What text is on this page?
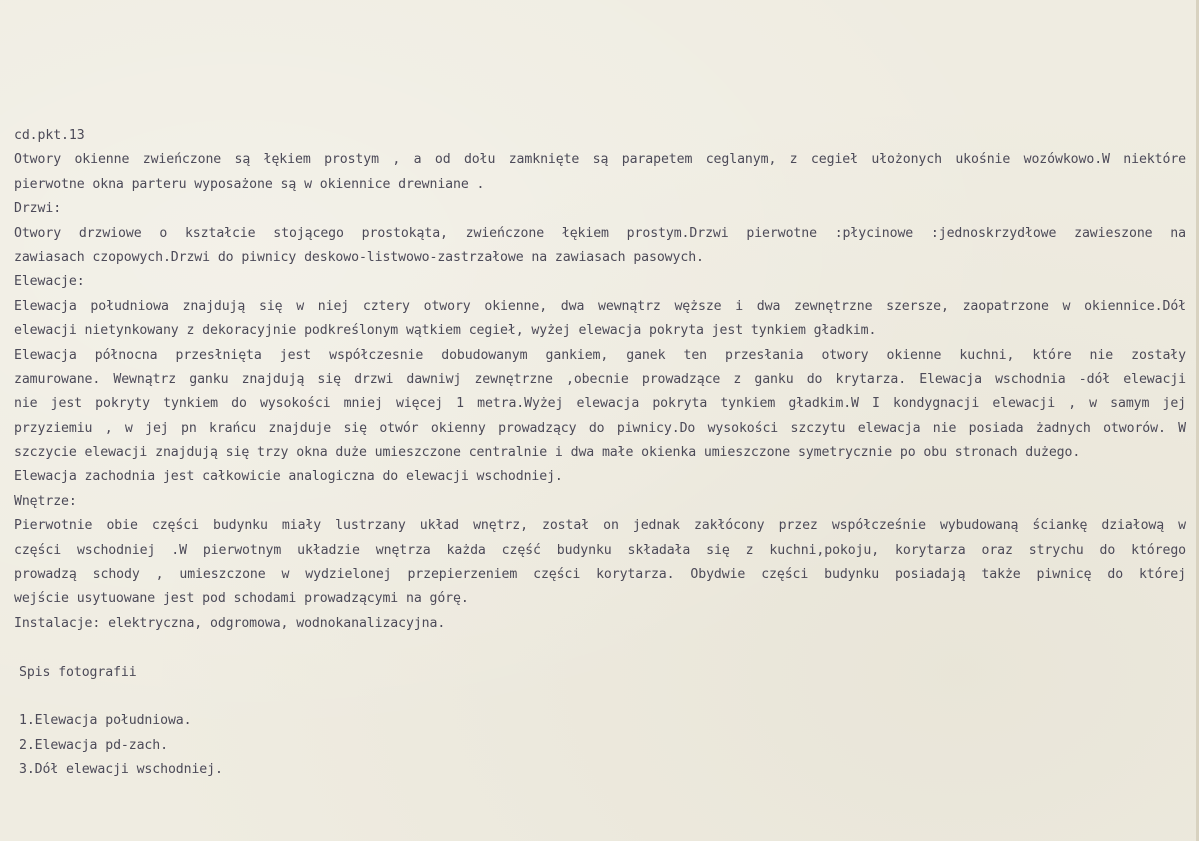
cd.pkt.13
Otwory okienne zwieńczone są łękiem prostym , a od dołu zamknięte są parapetem ceglanym, z cegieł ułożonych ukośnie wozówkowo.W niektóre
pierwotne okna parteru wyposażone są w okiennice drewniane .
Drzwi:
Otwory drzwiowe o kształcie stojącego prostokąta, zwieńczone łękiem prostym.Drzwi pierwotne :płycinowe :jednoskrzydłowe zawieszone na
zawiasach czopowych.Drzwi do piwnicy deskowo-listwowo-zastrzałowe na zawiasach pasowych.
Elewacje:
Elewacja południowa znajdują się w niej cztery otwory okienne, dwa wewnątrz węższe i dwa zewnętrzne szersze, zaopatrzone w okiennice.Dół
elewacji nietynkowany z dekoracyjnie podkreślonym wątkiem cegieł, wyżej elewacja pokryta jest tynkiem gładkim.
Elewacja północna przesłnięta jest współczesnie dobudowanym gankiem, ganek ten przesłania otwory okienne kuchni, które nie zostały
zamurowane. Wewnątrz ganku znajdują się drzwi dawniwj zewnętrzne ,obecnie prowadzące z ganku do krytarza. Elewacja wschodnia -dół elewacji
nie jest pokryty tynkiem do wysokości mniej więcej 1 metra.Wyżej elewacja pokryta tynkiem gładkim.W I kondygnacji elewacji , w samym jej
przyziemiu , w jej pn krańcu znajduje się otwór okienny prowadzący do piwnicy.Do wysokości szczytu elewacja nie posiada żadnych otworów. W
szczycie elewacji znajdują się trzy okna duże umieszczone centralnie i dwa małe okienka umieszczone symetrycznie po obu stronach dużego.
Elewacja zachodnia jest całkowicie analogiczna do elewacji wschodniej.
Wnętrze:
Pierwotnie obie części budynku miały lustrzany układ wnętrz, został on jednak zakłócony przez współcześnie wybudowaną ściankę działową w
części wschodniej .W pierwotnym układzie wnętrza każda część budynku składała się z kuchni,pokoju, korytarza oraz strychu do którego
prowadzą schody , umieszczone w wydzielonej przepierzeniem części korytarza. Obydwie części budynku posiadają także piwnicę do której
wejście usytuowane jest pod schodami prowadzącymi na górę.
Instalacje: elektryczna, odgromowa, wodnokanalizacyjna.
Spis fotografii
1.Elewacja południowa.
2.Elewacja pd-zach.
3.Dół elewacji wschodniej.
